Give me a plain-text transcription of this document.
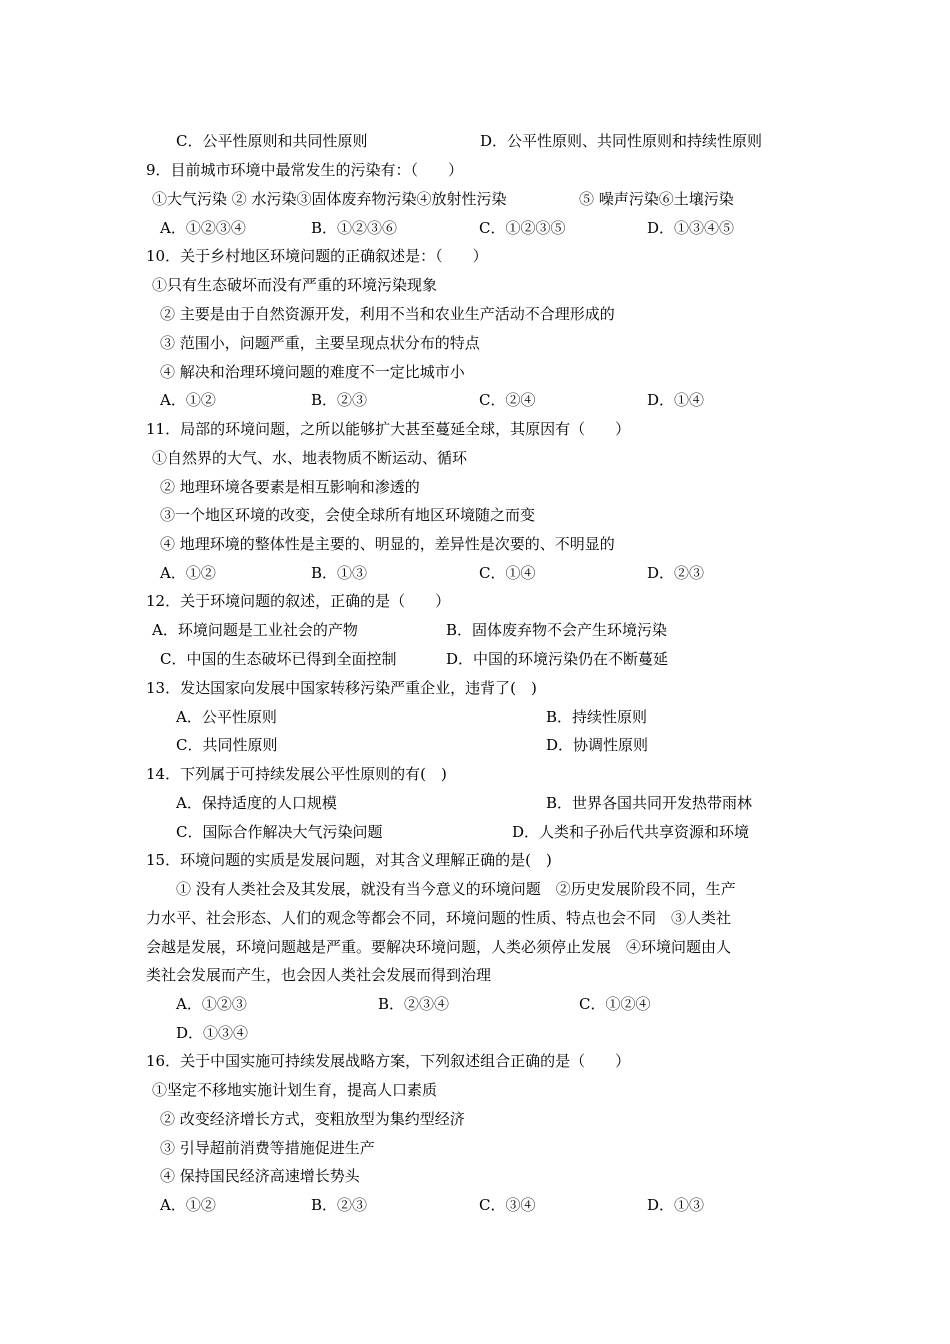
C．公平性原则和共同性原则	D．公平性原则、共同性原则和持续性原则
9．目前城市环境中最常发生的污染有：（　　）
①大气污染 ② 水污染③固体废弃物污染④放射性污染	⑤ 噪声污染⑥土壤污染
A．①②③④	B．①②③⑥	C．①②③⑤	D．①③④⑤
10．关于乡村地区环境问题的正确叙述是：（　　）
①只有生态破坏而没有严重的环境污染现象
② 主要是由于自然资源开发，利用不当和农业生产活动不合理形成的
③ 范围小，问题严重，主要呈现点状分布的特点
④ 解决和治理环境问题的难度不一定比城市小
A．①②	B．②③	C．②④	D．①④
11．局部的环境问题，之所以能够扩大甚至蔓延全球，其原因有（　　）
①自然界的大气、水、地表物质不断运动、循环
② 地理环境各要素是相互影响和渗透的
③一个地区环境的改变，会使全球所有地区环境随之而变
④ 地理环境的整体性是主要的、明显的，差异性是次要的、不明显的
A．①②	B．①③	C．①④	D．②③
12．关于环境问题的叙述，正确的是（　　）
A．环境问题是工业社会的产物	B．固体废弃物不会产生环境污染
C．中国的生态破坏已得到全面控制	D．中国的环境污染仍在不断蔓延
13．发达国家向发展中国家转移污染严重企业，违背了(　)
A．公平性原则	B．持续性原则
C．共同性原则	D．协调性原则
14．下列属于可持续发展公平性原则的有(　)
A．保持适度的人口规模	B．世界各国共同开发热带雨林
C．国际合作解决大气污染问题	D．人类和子孙后代共享资源和环境
15．环境问题的实质是发展问题，对其含义理解正确的是(　)
① 没有人类社会及其发展，就没有当今意义的环境问题　②历史发展阶段不同，生产
力水平、社会形态、人们的观念等都会不同，环境问题的性质、特点也会不同　③人类社
会越是发展，环境问题越是严重。要解决环境问题，人类必须停止发展　④环境问题由人
类社会发展而产生，也会因人类社会发展而得到治理
A．①②③	B．②③④	C．①②④
D．①③④
16．关于中国实施可持续发展战略方案，下列叙述组合正确的是（　　）
①坚定不移地实施计划生育，提高人口素质
② 改变经济增长方式，变粗放型为集约型经济
③ 引导超前消费等措施促进生产
④ 保持国民经济高速增长势头
A．①②	B．②③	C．③④	D．①③
